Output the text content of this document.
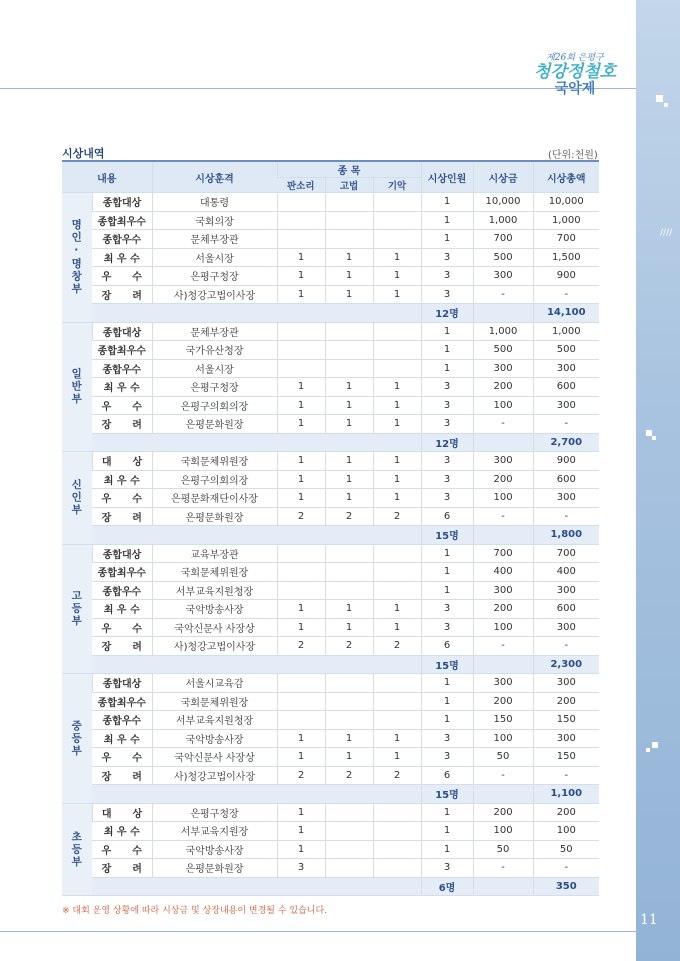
////
제26회 은평구
청강정철호
국악제
시상내역	(단위:천원)
내용		시상훈격	종 목			시상인원	시상금	시상총액
			판소리	고법	기악			
명인·명창부	종합대상	대통령				1	10,000	10,000
	종합최우수	국회의장				1	1,000	1,000
	종합우수	문체부장관				1	700	700
	최 우 수	서울시장	1	1	1	3	500	1,500
	우      수	은평구청장	1	1	1	3	300	900
	장      려	사)청강고법이사장	1	1	1	3	-	-
						12명		14,100
일반부	종합대상	문체부장관				1	1,000	1,000
	종합최우수	국가유산청장				1	500	500
	종합우수	서울시장				1	300	300
	최 우 수	은평구청장	1	1	1	3	200	600
	우      수	은평구의회의장	1	1	1	3	100	300
	장      려	은평문화원장	1	1	1	3	-	-
						12명		2,700
신인부	대      상	국회문체위원장	1	1	1	3	300	900
	최 우 수	은평구의회의장	1	1	1	3	200	600
	우      수	은평문화재단이사장	1	1	1	3	100	300
	장      려	은평문화원장	2	2	2	6	-	-
						15명		1,800
고등부	종합대상	교육부장관				1	700	700
	종합최우수	국회문체위원장				1	400	400
	종합우수	서부교육지원청장				1	300	300
	최 우 수	국악방송사장	1	1	1	3	200	600
	우      수	국악신문사 사장상	1	1	1	3	100	300
	장      려	사)청강고법이사장	2	2	2	6	-	-
						15명		2,300
중등부	종합대상	서울시교육감				1	300	300
	종합최우수	국회문체위원장				1	200	200
	종합우수	서부교육지원청장				1	150	150
	최 우 수	국악방송사장	1	1	1	3	100	300
	우      수	국악신문사 사장상	1	1	1	3	50	150
	장      려	사)청강고법이사장	2	2	2	6	-	-
						15명		1,100
초등부	대      상	은평구청장	1			1	200	200
	최 우 수	서부교육지원장	1			1	100	100
	우      수	국악방송사장	1			1	50	50
	장      려	은평문화원장	3			3	-	-
						6명		350
※ 대회 운영 상황에 따라 시상금 및 상장내용이 변경될 수 있습니다.
11
